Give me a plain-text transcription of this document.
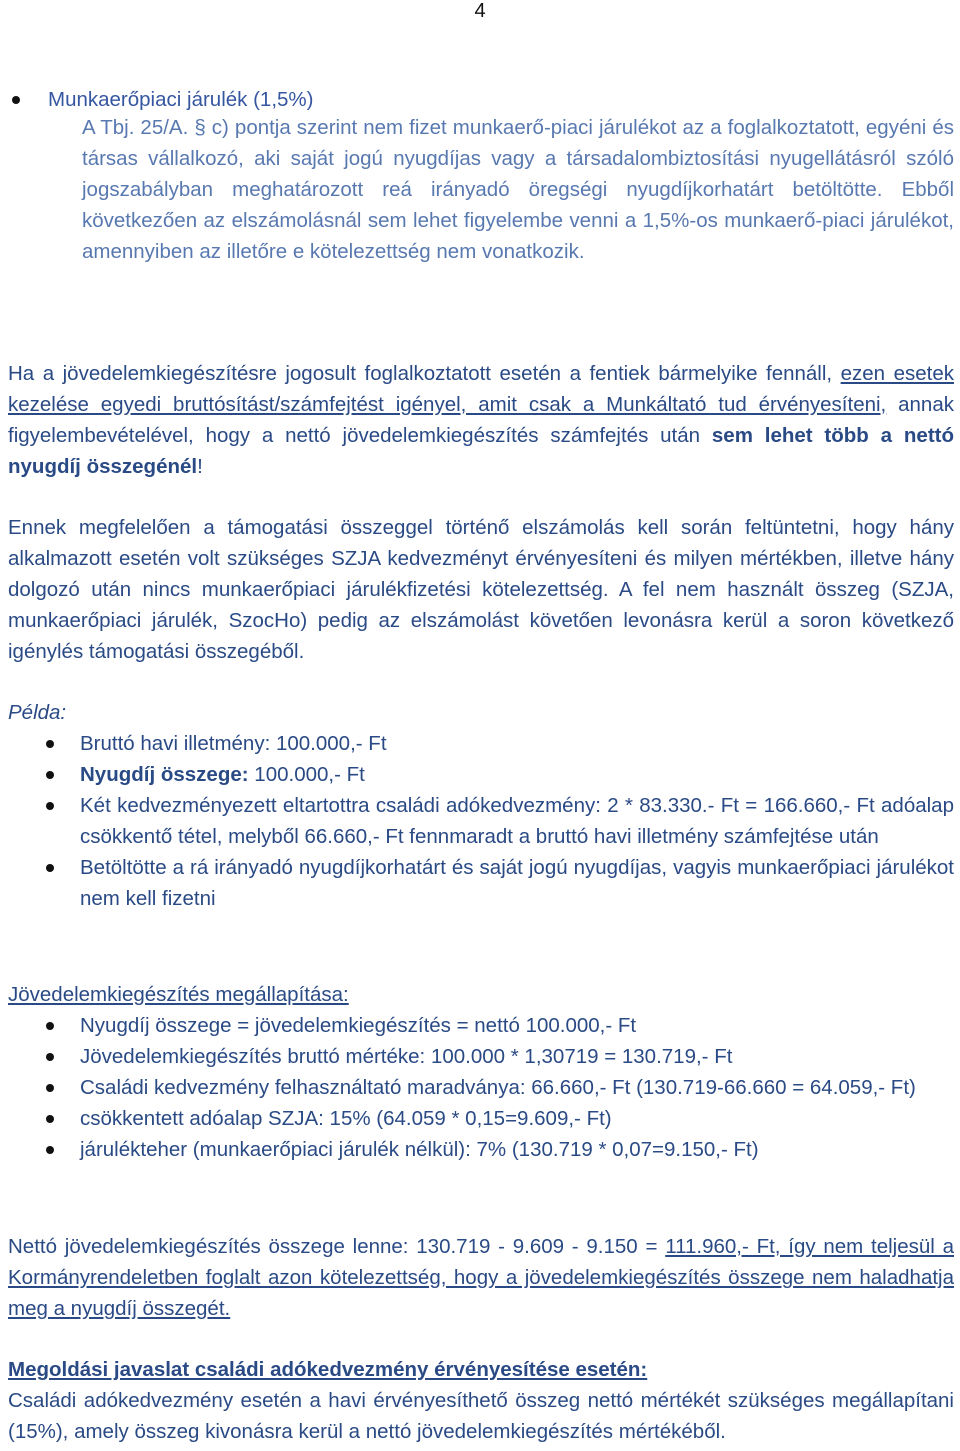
4
Munkaerőpiaci járulék (1,5%)
A Tbj. 25/A. § c) pontja szerint nem fizet munkaerő-piaci járulékot az a foglalkoztatott, egyéni és társas vállalkozó, aki saját jogú nyugdíjas vagy a társadalombiztosítási nyugellátásról szóló jogszabályban meghatározott reá irányadó öregségi nyugdíjkorhatárt betöltötte. Ebből következően az elszámolásnál sem lehet figyelembe venni a 1,5%-os munkaerő-piaci járulékot, amennyiben az illetőre e kötelezettség nem vonatkozik.
Ha a jövedelemkiegészítésre jogosult foglalkoztatott esetén a fentiek bármelyike fennáll, ezen esetek kezelése egyedi bruttósítást/számfejtést igényel, amit csak a Munkáltató tud érvényesíteni, annak figyelembevételével, hogy a nettó jövedelemkiegészítés számfejtés után sem lehet több a nettó nyugdíj összegénél!
Ennek megfelelően a támogatási összeggel történő elszámolás kell során feltüntetni, hogy hány alkalmazott esetén volt szükséges SZJA kedvezményt érvényesíteni és milyen mértékben, illetve hány dolgozó után nincs munkaerőpiaci járulékfizetési kötelezettség. A fel nem használt összeg (SZJA, munkaerőpiaci járulék, SzocHo) pedig az elszámolást követően levonásra kerül a soron következő igénylés támogatási összegéből.
Példa:
Bruttó havi illetmény: 100.000,- Ft
Nyugdíj összege: 100.000,- Ft
Két kedvezményezett eltartottra családi adókedvezmény: 2 * 83.330.- Ft = 166.660,- Ft adóalap csökkentő tétel, melyből 66.660,- Ft fennmaradt a bruttó havi illetmény számfejtése után
Betöltötte a rá irányadó nyugdíjkorhatárt és saját jogú nyugdíjas, vagyis munkaerőpiaci járulékot nem kell fizetni
Jövedelemkiegészítés megállapítása:
Nyugdíj összege = jövedelemkiegészítés = nettó 100.000,- Ft
Jövedelemkiegészítés bruttó mértéke: 100.000 * 1,30719 = 130.719,- Ft
Családi kedvezmény felhasználtató maradványa: 66.660,- Ft (130.719-66.660 = 64.059,- Ft)
csökkentett adóalap SZJA: 15% (64.059 * 0,15=9.609,- Ft)
járulékteher (munkaerőpiaci járulék nélkül): 7% (130.719 * 0,07=9.150,- Ft)
Nettó jövedelemkiegészítés összege lenne: 130.719 - 9.609 - 9.150 = 111.960,- Ft, így nem teljesül a Kormányrendeletben foglalt azon kötelezettség, hogy a jövedelemkiegészítés összege nem haladhatja meg a nyugdíj összegét.
Megoldási javaslat családi adókedvezmény érvényesítése esetén:
Családi adókedvezmény esetén a havi érvényesíthető összeg nettó mértékét szükséges megállapítani (15%), amely összeg kivonásra kerül a nettó jövedelemkiegészítés mértékéből.
